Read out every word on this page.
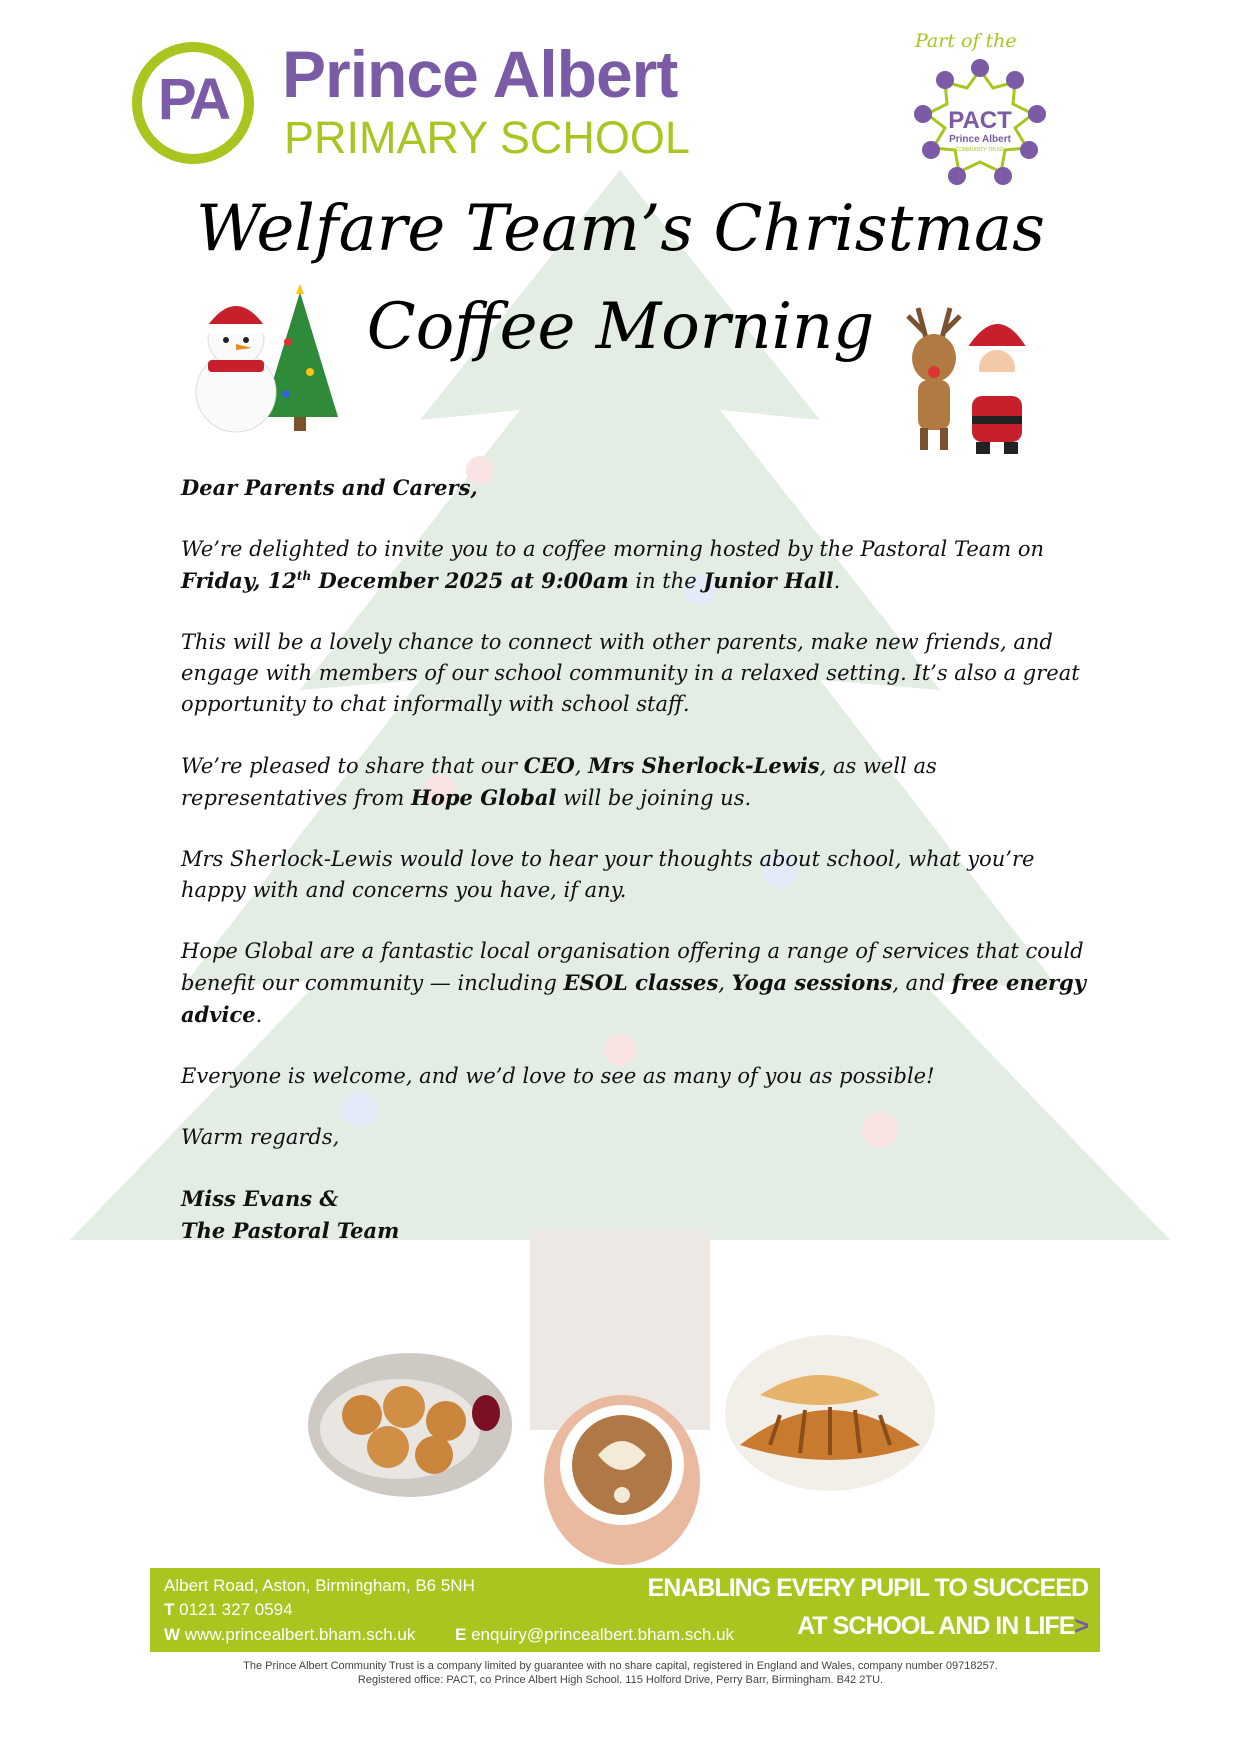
PA Prince Albert
PRIMARY SCHOOL
Part of the
PACT
Prince Albert
COMMUNITY TRUST
Welfare Team’s Christmas
Coffee Morning

Dear Parents and Carers,

We’re delighted to invite you to a coffee morning hosted by the Pastoral Team on
Friday, 12th December 2025 at 9:00am in the Junior Hall.

This will be a lovely chance to connect with other parents, make new friends, and engage with members of our school community in a relaxed setting. It’s also a great opportunity to chat informally with school staff.

We’re pleased to share that our CEO, Mrs Sherlock-Lewis, as well as representatives from Hope Global will be joining us.

Mrs Sherlock-Lewis would love to hear your thoughts about school, what you’re happy with and concerns you have, if any.

Hope Global are a fantastic local organisation offering a range of services that could benefit our community — including ESOL classes, Yoga sessions, and free energy advice.

Everyone is welcome, and we’d love to see as many of you as possible!

Warm regards,

Miss Evans &
The Pastoral Team

Albert Road, Aston, Birmingham, B6 5NH
T 0121 327 0594
W www.princealbert.bham.sch.uk E enquiry@princealbert.bham.sch.uk
ENABLING EVERY PUPIL TO SUCCEED
AT SCHOOL AND IN LIFE>
The Prince Albert Community Trust is a company limited by guarantee with no share capital, registered in England and Wales, company number 09718257.
Registered office: PACT, co Prince Albert High School. 115 Holford Drive, Perry Barr, Birmingham. B42 2TU.
